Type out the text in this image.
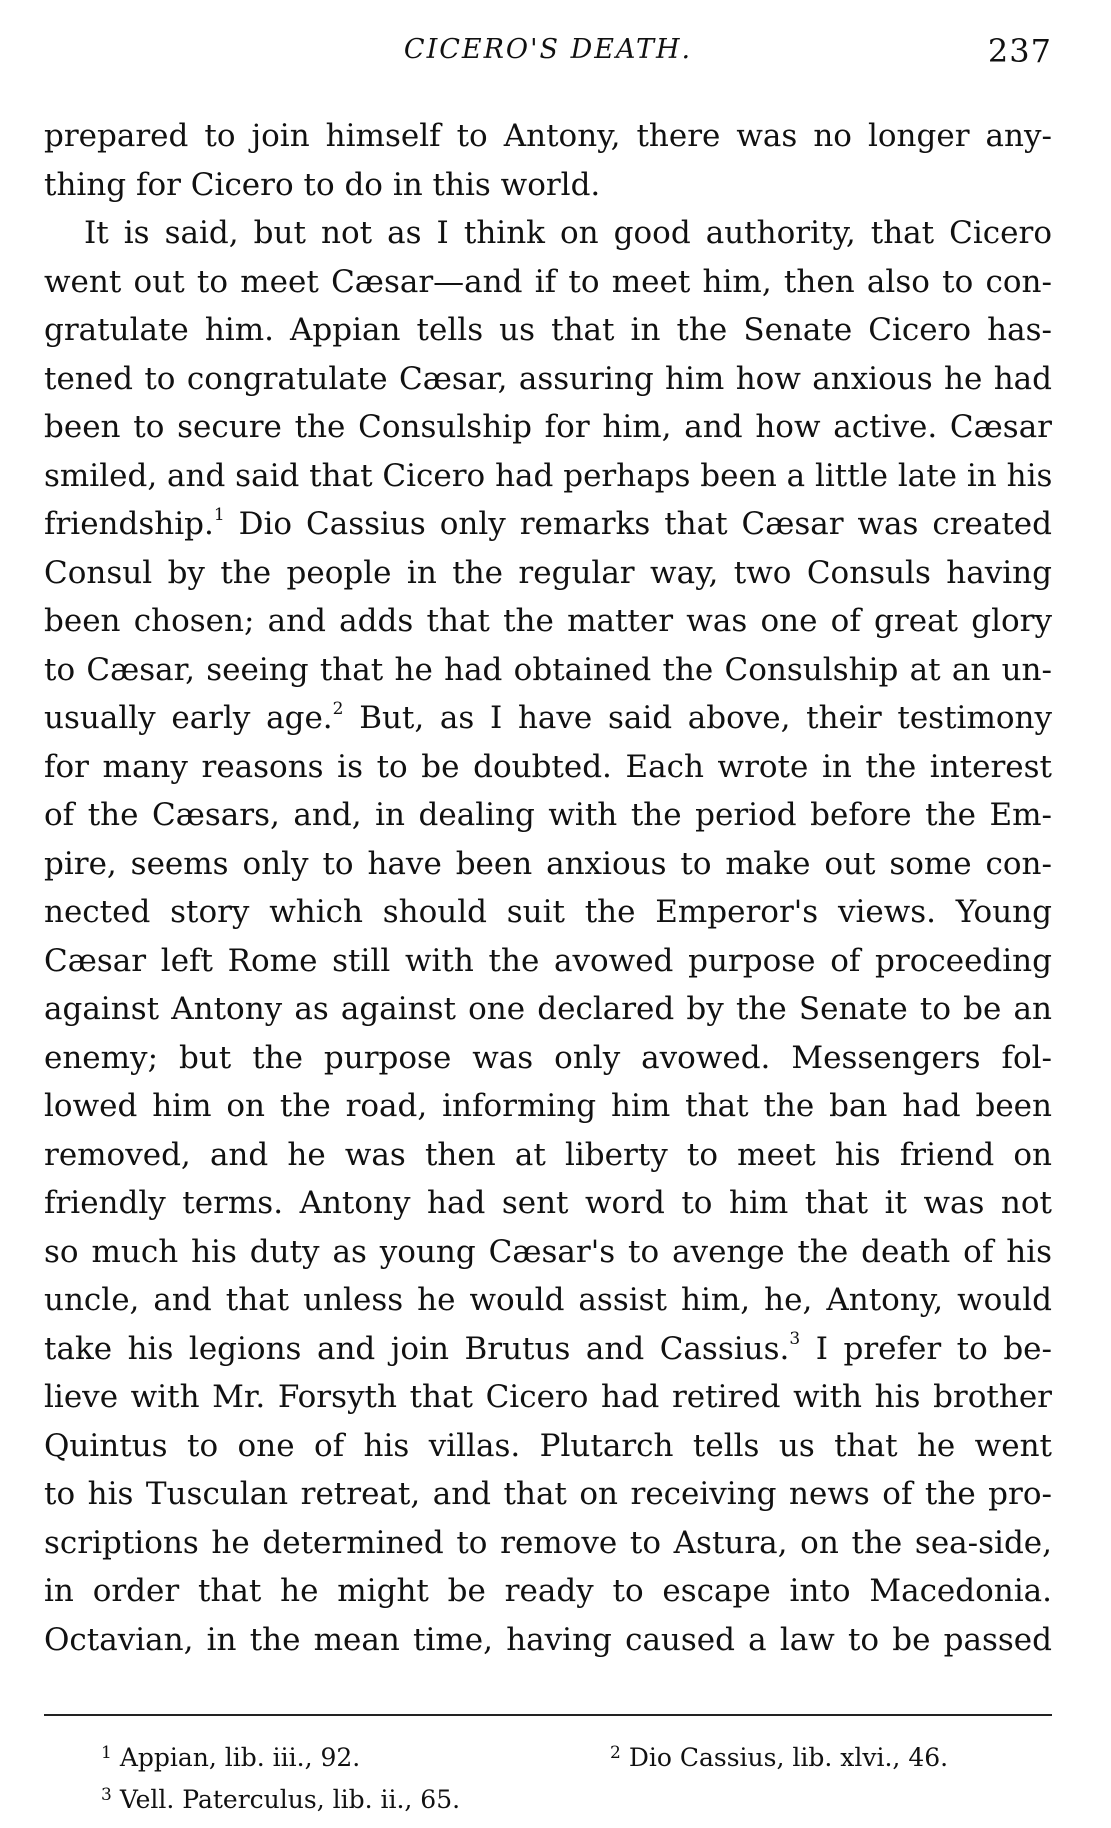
CICERO'S DEATH.	237
prepared to join himself to Antony, there was no longer any-
thing for Cicero to do in this world.
It is said, but not as I think on good authority, that Cicero
went out to meet Cæsar—and if to meet him, then also to con-
gratulate him. Appian tells us that in the Senate Cicero has-
tened to congratulate Cæsar, assuring him how anxious he had
been to secure the Consulship for him, and how active. Cæsar
smiled, and said that Cicero had perhaps been a little late in his
friendship.$^1$ Dio Cassius only remarks that Cæsar was created
Consul by the people in the regular way, two Consuls having
been chosen; and adds that the matter was one of great glory
to Cæsar, seeing that he had obtained the Consulship at an un-
usually early age.$^2$ But, as I have said above, their testimony
for many reasons is to be doubted. Each wrote in the interest
of the Cæsars, and, in dealing with the period before the Em-
pire, seems only to have been anxious to make out some con-
nected story which should suit the Emperor's views. Young
Cæsar left Rome still with the avowed purpose of proceeding
against Antony as against one declared by the Senate to be an
enemy; but the purpose was only avowed. Messengers fol-
lowed him on the road, informing him that the ban had been
removed, and he was then at liberty to meet his friend on
friendly terms. Antony had sent word to him that it was not
so much his duty as young Cæsar's to avenge the death of his
uncle, and that unless he would assist him, he, Antony, would
take his legions and join Brutus and Cassius.$^3$ I prefer to be-
lieve with Mr. Forsyth that Cicero had retired with his brother
Quintus to one of his villas. Plutarch tells us that he went
to his Tusculan retreat, and that on receiving news of the pro-
scriptions he determined to remove to Astura, on the sea-side,
in order that he might be ready to escape into Macedonia.
Octavian, in the mean time, having caused a law to be passed
$^1$ Appian, lib. iii., 92.	$^2$ Dio Cassius, lib. xlvi., 46.
$^3$ Vell. Paterculus, lib. ii., 65.
